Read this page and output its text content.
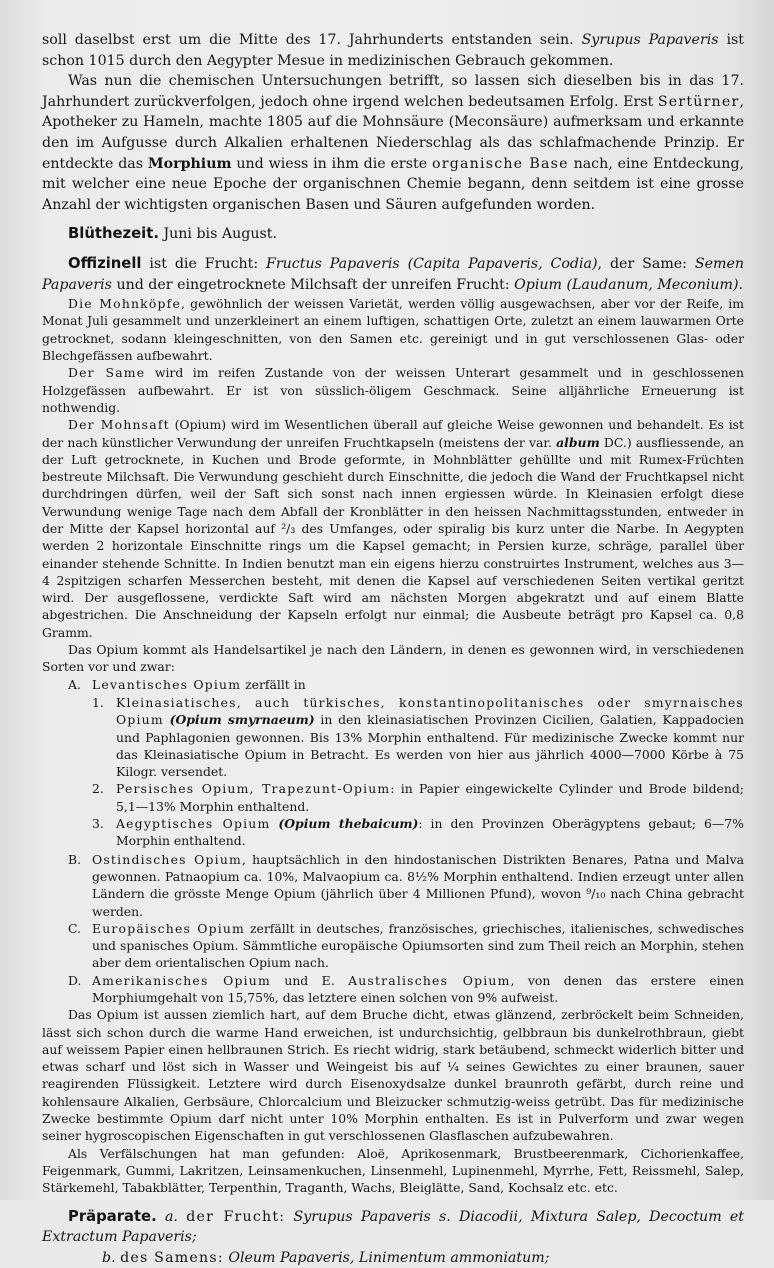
soll daselbst erst um die Mitte des 17. Jahrhunderts entstanden sein. Syrupus Papaveris ist schon 1015 durch den Aegypter Mesue in medizinischen Gebrauch gekommen.

Was nun die chemischen Untersuchungen betrifft, so lassen sich dieselben bis in das 17. Jahrhundert zurückverfolgen, jedoch ohne irgend welchen bedeutsamen Erfolg. Erst Sertürner, Apotheker zu Hameln, machte 1805 auf die Mohnsäure (Meconsäure) aufmerksam und erkannte den im Aufgusse durch Alkalien erhaltenen Niederschlag als das schlafmachende Prinzip. Er entdeckte das Morphium und wiess in ihm die erste organische Base nach, eine Entdeckung, mit welcher eine neue Epoche der organischnen Chemie begann, denn seitdem ist eine grosse Anzahl der wichtigsten organischen Basen und Säuren aufgefunden worden.

Blüthezeit. Juni bis August.

Offizinell ist die Frucht: Fructus Papaveris (Capita Papaveris, Codia), der Same: Semen Papaveris und der eingetrocknete Milchsaft der unreifen Frucht: Opium (Laudanum, Meconium).

Die Mohnköpfe, gewöhnlich der weissen Varietät, werden völlig ausgewachsen, aber vor der Reife, im Monat Juli gesammelt und unzerkleinert an einem luftigen, schattigen Orte, zuletzt an einem lauwarmen Orte getrocknet, sodann kleingeschnitten, von den Samen etc. gereinigt und in gut verschlossenen Glas- oder Blechgefässen aufbewahrt.

Der Same wird im reifen Zustande von der weissen Unterart gesammelt und in geschlossenen Holzgefässen aufbewahrt. Er ist von süsslich-öligem Geschmack. Seine alljährliche Erneuerung ist nothwendig.

Der Mohnsaft (Opium) wird im Wesentlichen überall auf gleiche Weise gewonnen und behandelt. Es ist der nach künstlicher Verwundung der unreifen Fruchtkapseln (meistens der var. album DC.) ausfliessende, an der Luft getrocknete, in Kuchen und Brode geformte, in Mohnblätter gehüllte und mit Rumex-Früchten bestreute Milchsaft. Die Verwundung geschieht durch Einschnitte, die jedoch die Wand der Fruchtkapsel nicht durchdringen dürfen, weil der Saft sich sonst nach innen ergiessen würde. In Kleinasien erfolgt diese Verwundung wenige Tage nach dem Abfall der Kronblätter in den heissen Nachmittagsstunden, entweder in der Mitte der Kapsel horizontal auf ²/₃ des Umfanges, oder spiralig bis kurz unter die Narbe. In Aegypten werden 2 horizontale Einschnitte rings um die Kapsel gemacht; in Persien kurze, schräge, parallel über einander stehende Schnitte. In Indien benutzt man ein eigens hierzu construirtes Instrument, welches aus 3—4 2spitzigen scharfen Messerchen besteht, mit denen die Kapsel auf verschiedenen Seiten vertikal geritzt wird. Der ausgeflossene, verdickte Saft wird am nächsten Morgen abgekratzt und auf einem Blatte abgestrichen. Die Anschneidung der Kapseln erfolgt nur einmal; die Ausbeute beträgt pro Kapsel ca. 0,8 Gramm.

Das Opium kommt als Handelsartikel je nach den Ländern, in denen es gewonnen wird, in verschiedenen Sorten vor und zwar:

A. Levantisches Opium zerfällt in
1. Kleinasiatisches, auch türkisches, konstantinopolitanisches oder smyrnaisches Opium (Opium smyrnaeum) in den kleinasiatischen Provinzen Cicilien, Galatien, Kappadocien und Paphlagonien gewonnen. Bis 13% Morphin enthaltend. Für medizinische Zwecke kommt nur das Kleinasiatische Opium in Betracht. Es werden von hier aus jährlich 4000—7000 Körbe à 75 Kilogr. versendet.
2. Persisches Opium, Trapezunt-Opium: in Papier eingewickelte Cylinder und Brode bildend; 5,1—13% Morphin enthaltend.
3. Aegyptisches Opium (Opium thebaicum): in den Provinzen Oberägyptens gebaut; 6—7% Morphin enthaltend.
B. Ostindisches Opium, hauptsächlich in den hindostanischen Distrikten Benares, Patna und Malva gewonnen. Patnaopium ca. 10%, Malvaopium ca. 8½% Morphin enthaltend. Indien erzeugt unter allen Ländern die grösste Menge Opium (jährlich über 4 Millionen Pfund), wovon ⁹/₁₀ nach China gebracht werden.
C. Europäisches Opium zerfällt in deutsches, französisches, griechisches, italienisches, schwedisches und spanisches Opium. Sämmtliche europäische Opiumsorten sind zum Theil reich an Morphin, stehen aber dem orientalischen Opium nach.
D. Amerikanisches Opium und E. Australisches Opium, von denen das erstere einen Morphiumgehalt von 15,75%, das letztere einen solchen von 9% aufweist.

Das Opium ist aussen ziemlich hart, auf dem Bruche dicht, etwas glänzend, zerbröckelt beim Schneiden, lässt sich schon durch die warme Hand erweichen, ist undurchsichtig, gelbbraun bis dunkelrothbraun, giebt auf weissem Papier einen hellbraunen Strich. Es riecht widrig, stark betäubend, schmeckt widerlich bitter und etwas scharf und löst sich in Wasser und Weingeist bis auf ¼ seines Gewichtes zu einer braunen, sauer reagirenden Flüssigkeit. Letztere wird durch Eisenoxydsalze dunkel braunroth gefärbt, durch reine und kohlensaure Alkalien, Gerbsäure, Chlorcalcium und Bleizucker schmutzig-weiss getrübt. Das für medizinische Zwecke bestimmte Opium darf nicht unter 10% Morphin enthalten. Es ist in Pulverform und zwar wegen seiner hygroscopischen Eigenschaften in gut verschlossenen Glasflaschen aufzubewahren.

Als Verfälschungen hat man gefunden: Aloë, Aprikosenmark, Brustbeerenmark, Cichorienkaffee, Feigenmark, Gummi, Lakritzen, Leinsamenkuchen, Linsenmehl, Lupinenmehl, Myrrhe, Fett, Reissmehl, Salep, Stärkemehl, Tabakblätter, Terpenthin, Traganth, Wachs, Bleiglätte, Sand, Kochsalz etc. etc.

Präparate. a. der Frucht: Syrupus Papaveris s. Diacodii, Mixtura Salep, Decoctum et Extractum Papaveris;

b. des Samens: Oleum Papaveris, Linimentum ammoniatum;
